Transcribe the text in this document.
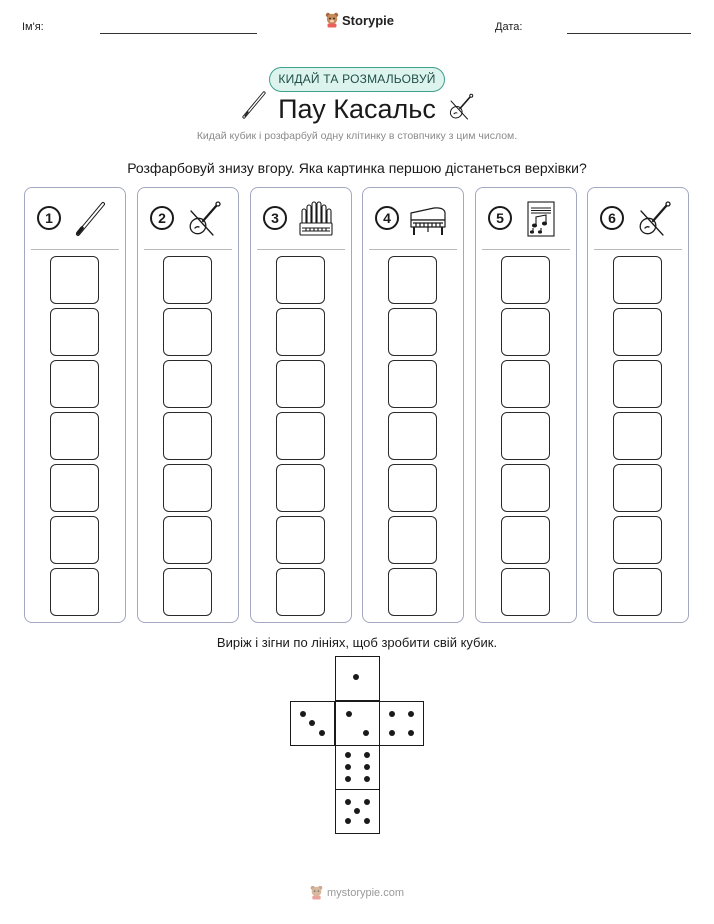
Ім'я:	Storypie	Дата:
КИДАЙ ТА РОЗМАЛЬОВУЙ
Пау Касальс
Кидай кубик і розфарбуй одну клітинку в стовпчику з цим числом.
Розфарбовуй знизу вгору. Яка картинка першою дістанеться верхівки?
1	2	3	4	5	6
Виріж і зігни по лініях, щоб зробити свій кубик.
mystorypie.com
